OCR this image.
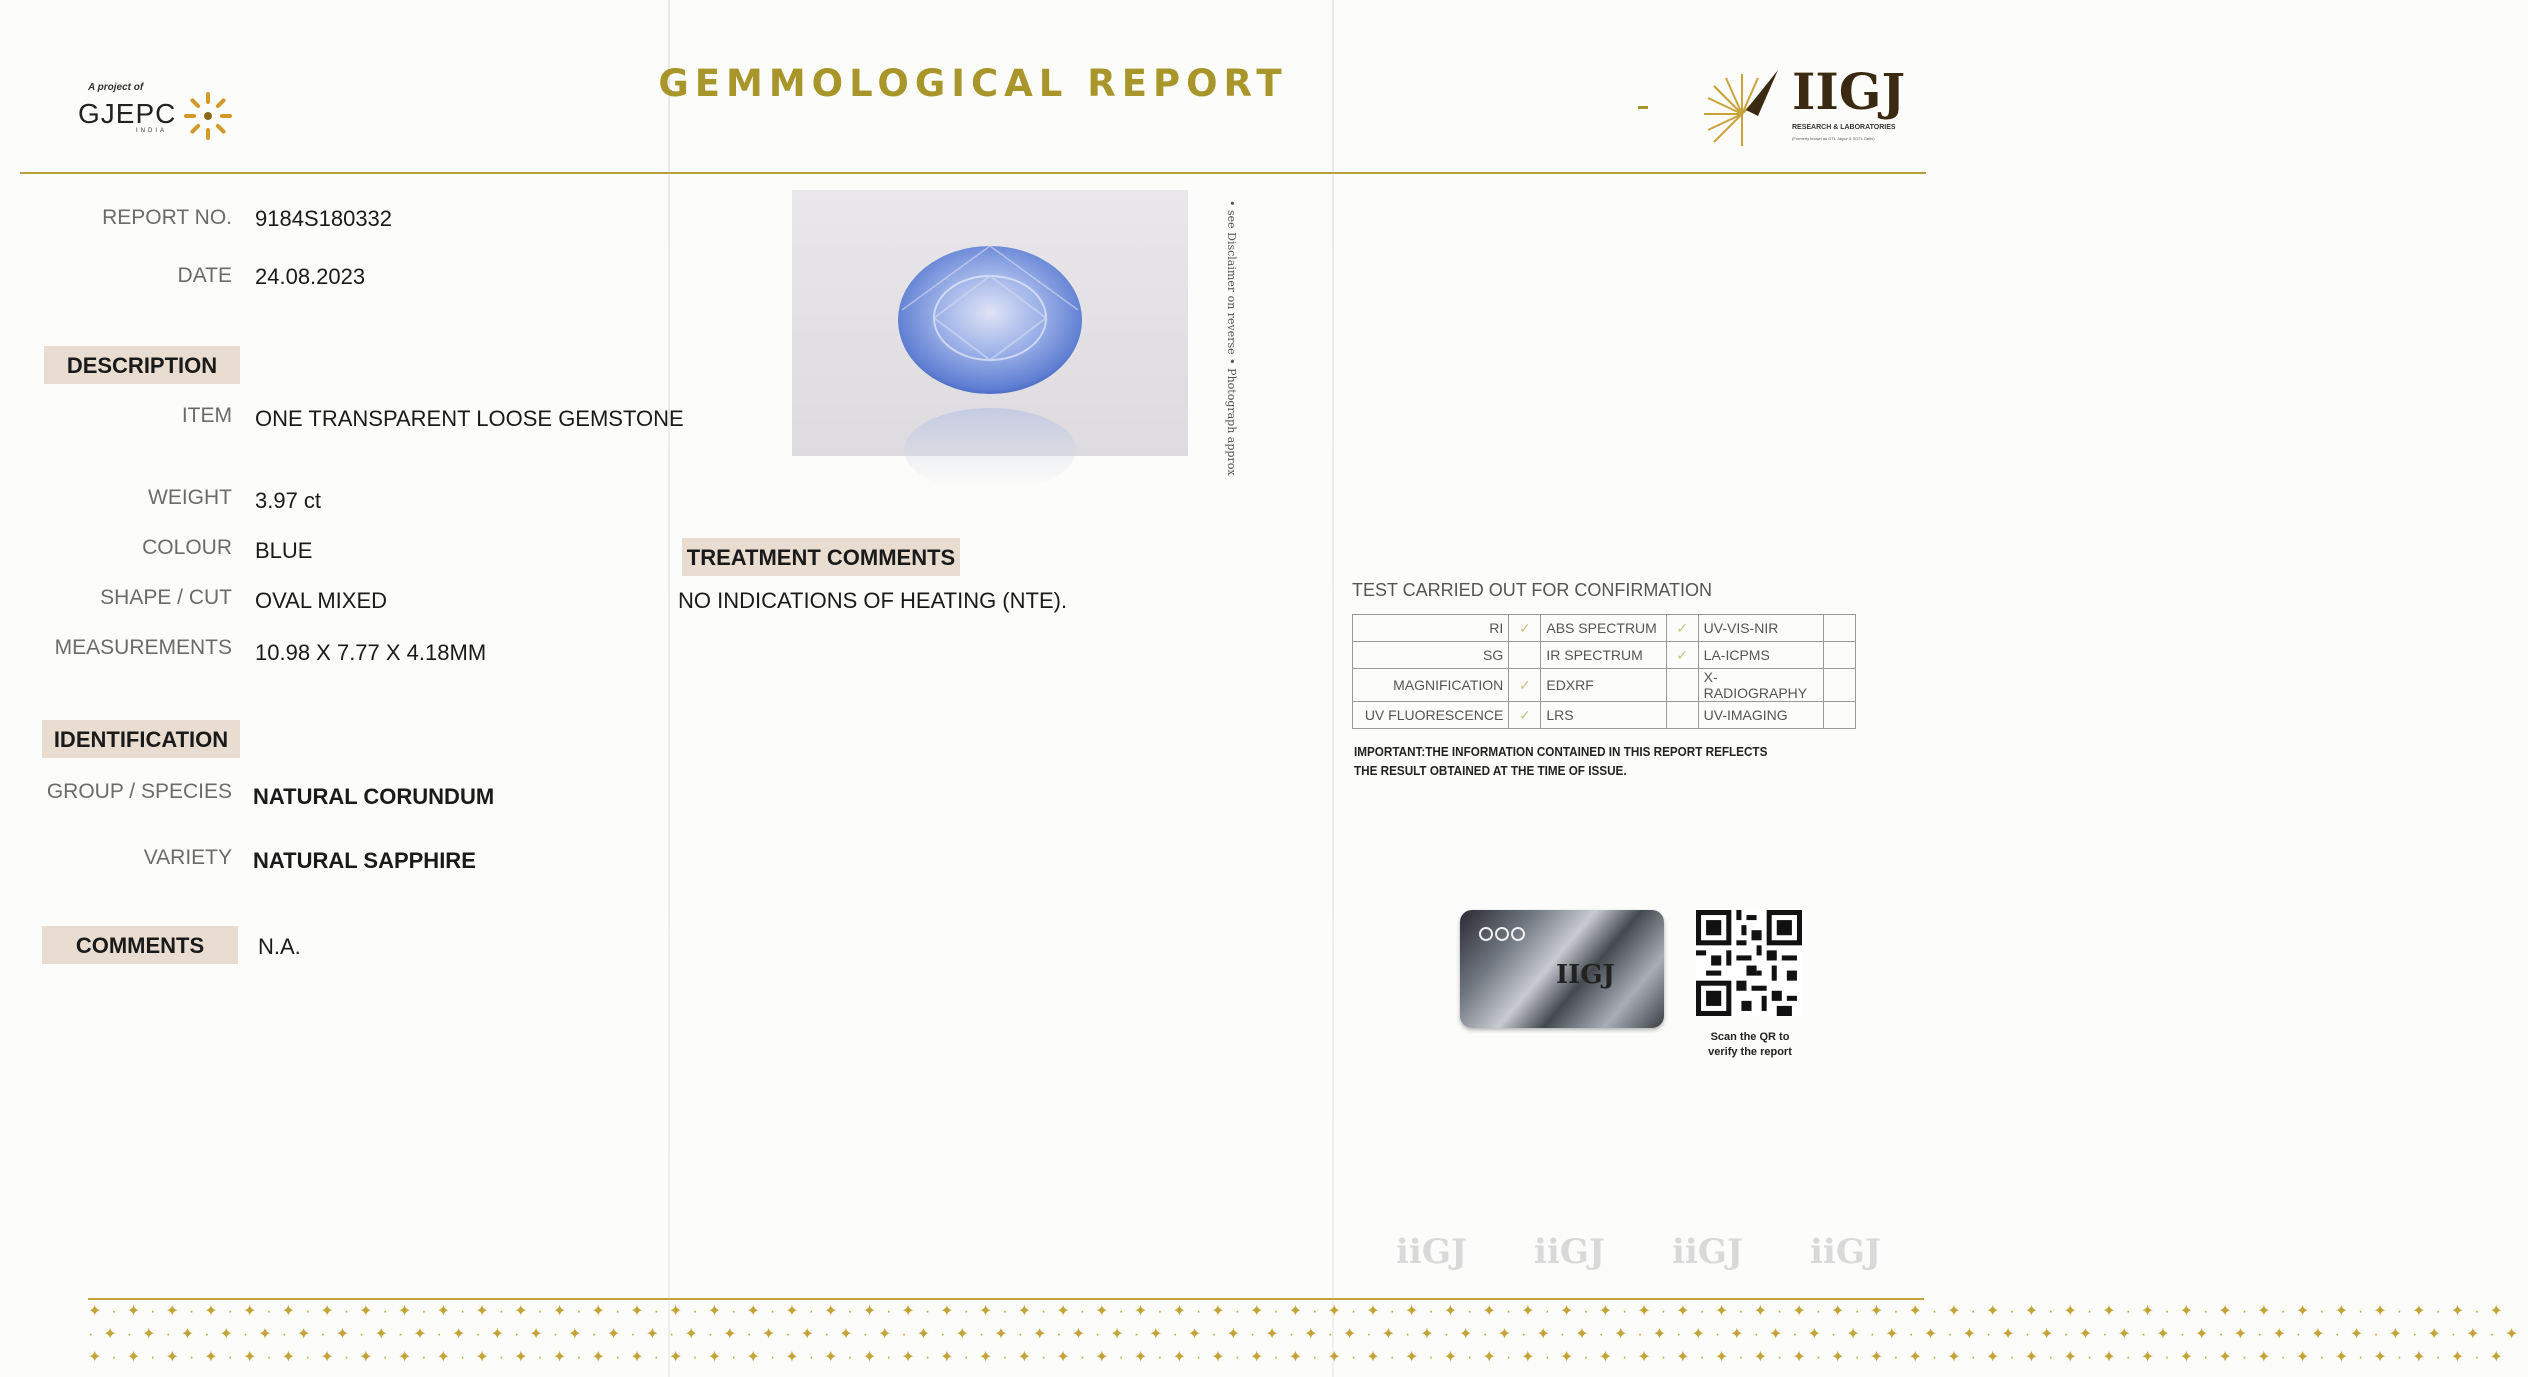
A project of
GJEPC
INDIA
GEMMOLOGICAL REPORT	IIGJ
RESEARCH & LABORATORIES
(Formerly known as GTL Jaipur & SGTL Delhi)
REPORT NO. 9184S180332
DATE 24.08.2023
DESCRIPTION
ITEM ONE TRANSPARENT LOOSE GEMSTONE
WEIGHT 3.97 ct
COLOUR BLUE
SHAPE / CUT OVAL MIXED
MEASUREMENTS 10.98 X 7.77 X 4.18MM
IDENTIFICATION
GROUP / SPECIES NATURAL CORUNDUM
VARIETY NATURAL SAPPHIRE
COMMENTS	N.A.
• see Disclaimer on reverse • Photograph approx
TREATMENT COMMENTS
NO INDICATIONS OF HEATING (NTE).	TEST CARRIED OUT FOR CONFIRMATION
RI	✓	ABS SPECTRUM	✓	UV-VIS-NIR	
SG		IR SPECTRUM	✓	LA-ICPMS	
MAGNIFICATION	✓	EDXRF		X-RADIOGRAPHY	
UV FLUORESCENCE	✓	LRS		UV-IMAGING	
IMPORTANT:THE INFORMATION CONTAINED IN THIS REPORT REFLECTS THE RESULT OBTAINED AT THE TIME OF ISSUE.
IIGJ
Scan the QR to
verify the report
iiGJ iiGJ iiGJ iiGJ
✦·✦·✦·✦·✦·✦·✦·✦·✦·✦·✦·✦·✦·✦·✦·✦·✦·✦·✦·✦·✦·✦·✦·✦·✦·✦·✦·✦·✦·✦·✦·✦·✦·✦·✦·✦·✦·✦·✦·✦·✦·✦·✦·✦·✦·✦·✦·✦·✦·✦·✦·✦·✦·✦·✦·✦·✦·✦·✦·✦·✦·✦·✦
·✦·✦·✦·✦·✦·✦·✦·✦·✦·✦·✦·✦·✦·✦·✦·✦·✦·✦·✦·✦·✦·✦·✦·✦·✦·✦·✦·✦·✦·✦·✦·✦·✦·✦·✦·✦·✦·✦·✦·✦·✦·✦·✦·✦·✦·✦·✦·✦·✦·✦·✦·✦·✦·✦·✦·✦·✦·✦·✦·✦·✦·✦·✦
✦·✦·✦·✦·✦·✦·✦·✦·✦·✦·✦·✦·✦·✦·✦·✦·✦·✦·✦·✦·✦·✦·✦·✦·✦·✦·✦·✦·✦·✦·✦·✦·✦·✦·✦·✦·✦·✦·✦·✦·✦·✦·✦·✦·✦·✦·✦·✦·✦·✦·✦·✦·✦·✦·✦·✦·✦·✦·✦·✦·✦·✦·✦
